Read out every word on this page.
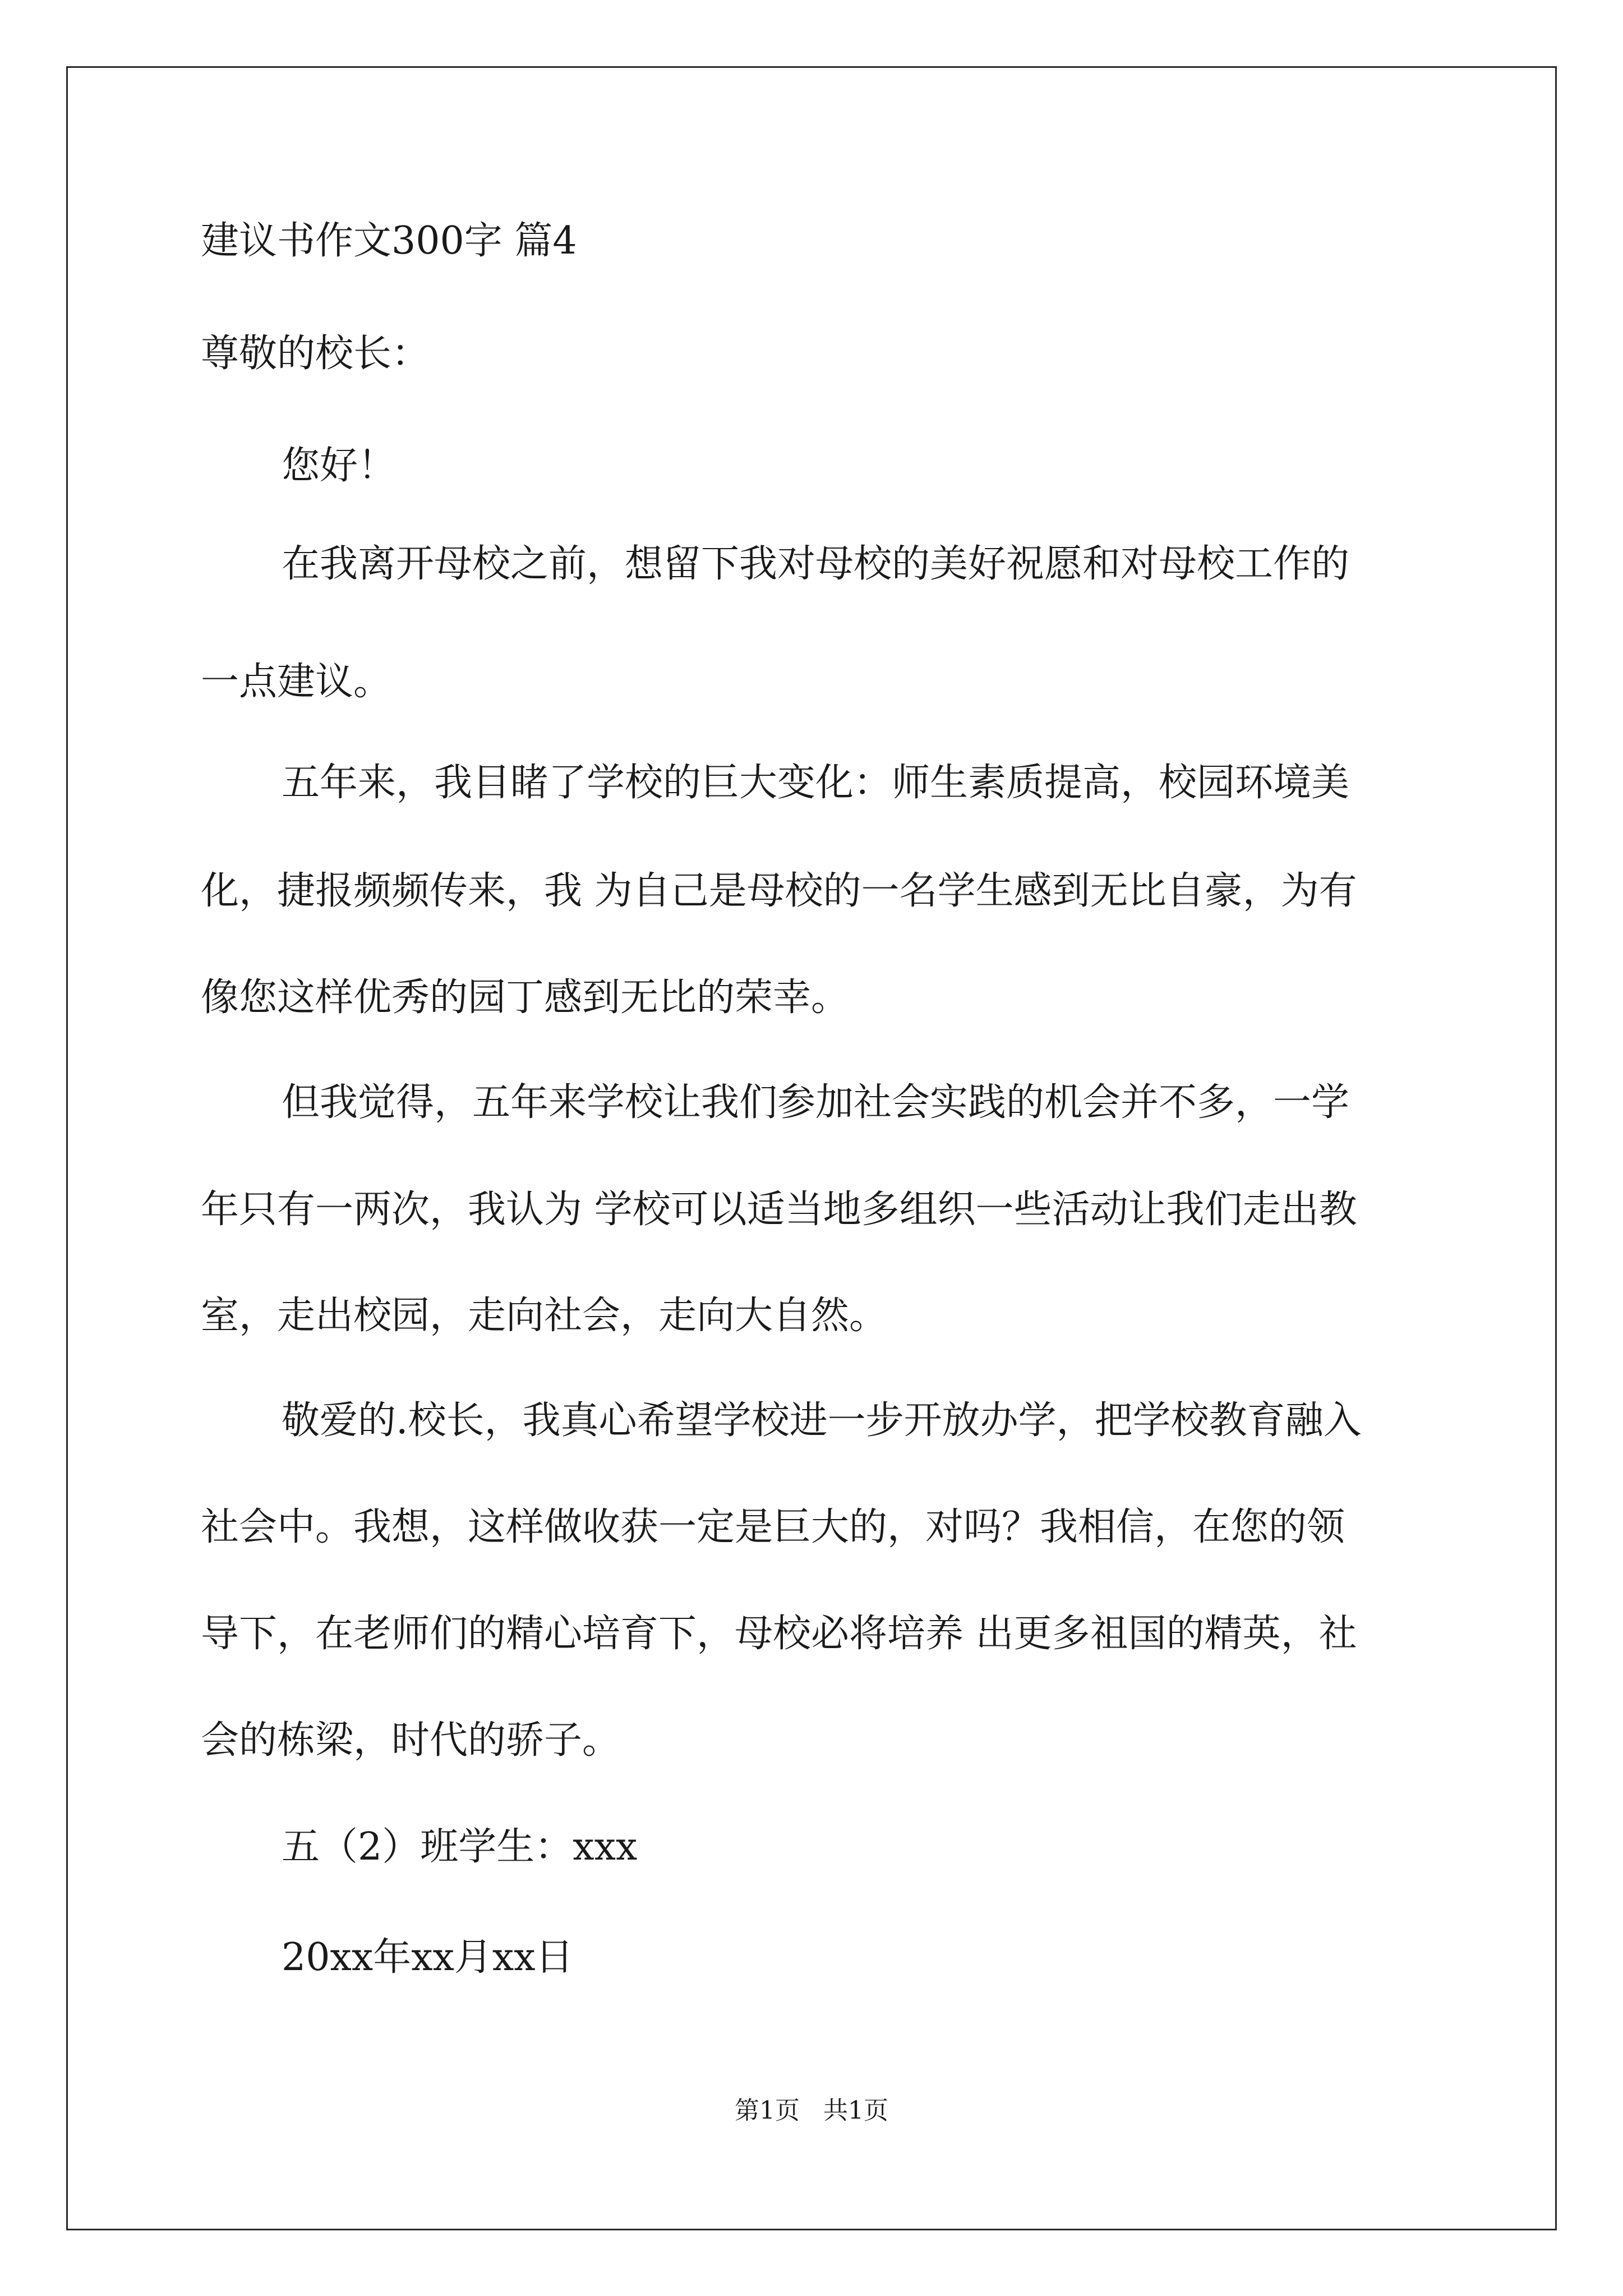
建议书作文300字 篇4
尊敬的校长：
您好！
在我离开母校之前，想留下我对母校的美好祝愿和对母校工作的
一点建议。
五年来，我目睹了学校的巨大变化：师生素质提高，校园环境美
化，捷报频频传来，我 为自己是母校的一名学生感到无比自豪，为有
像您这样优秀的园丁感到无比的荣幸。
但我觉得，五年来学校让我们参加社会实践的机会并不多，一学
年只有一两次，我认为 学校可以适当地多组织一些活动让我们走出教
室，走出校园，走向社会，走向大自然。
敬爱的.校长，我真心希望学校进一步开放办学，把学校教育融入
社会中。我想，这样做收获一定是巨大的，对吗？我相信，在您的领
导下，在老师们的精心培育下，母校必将培养 出更多祖国的精英，社
会的栋梁，时代的骄子。
五（2）班学生：xxx
20xx年xx月xx日
第1页   共1页
